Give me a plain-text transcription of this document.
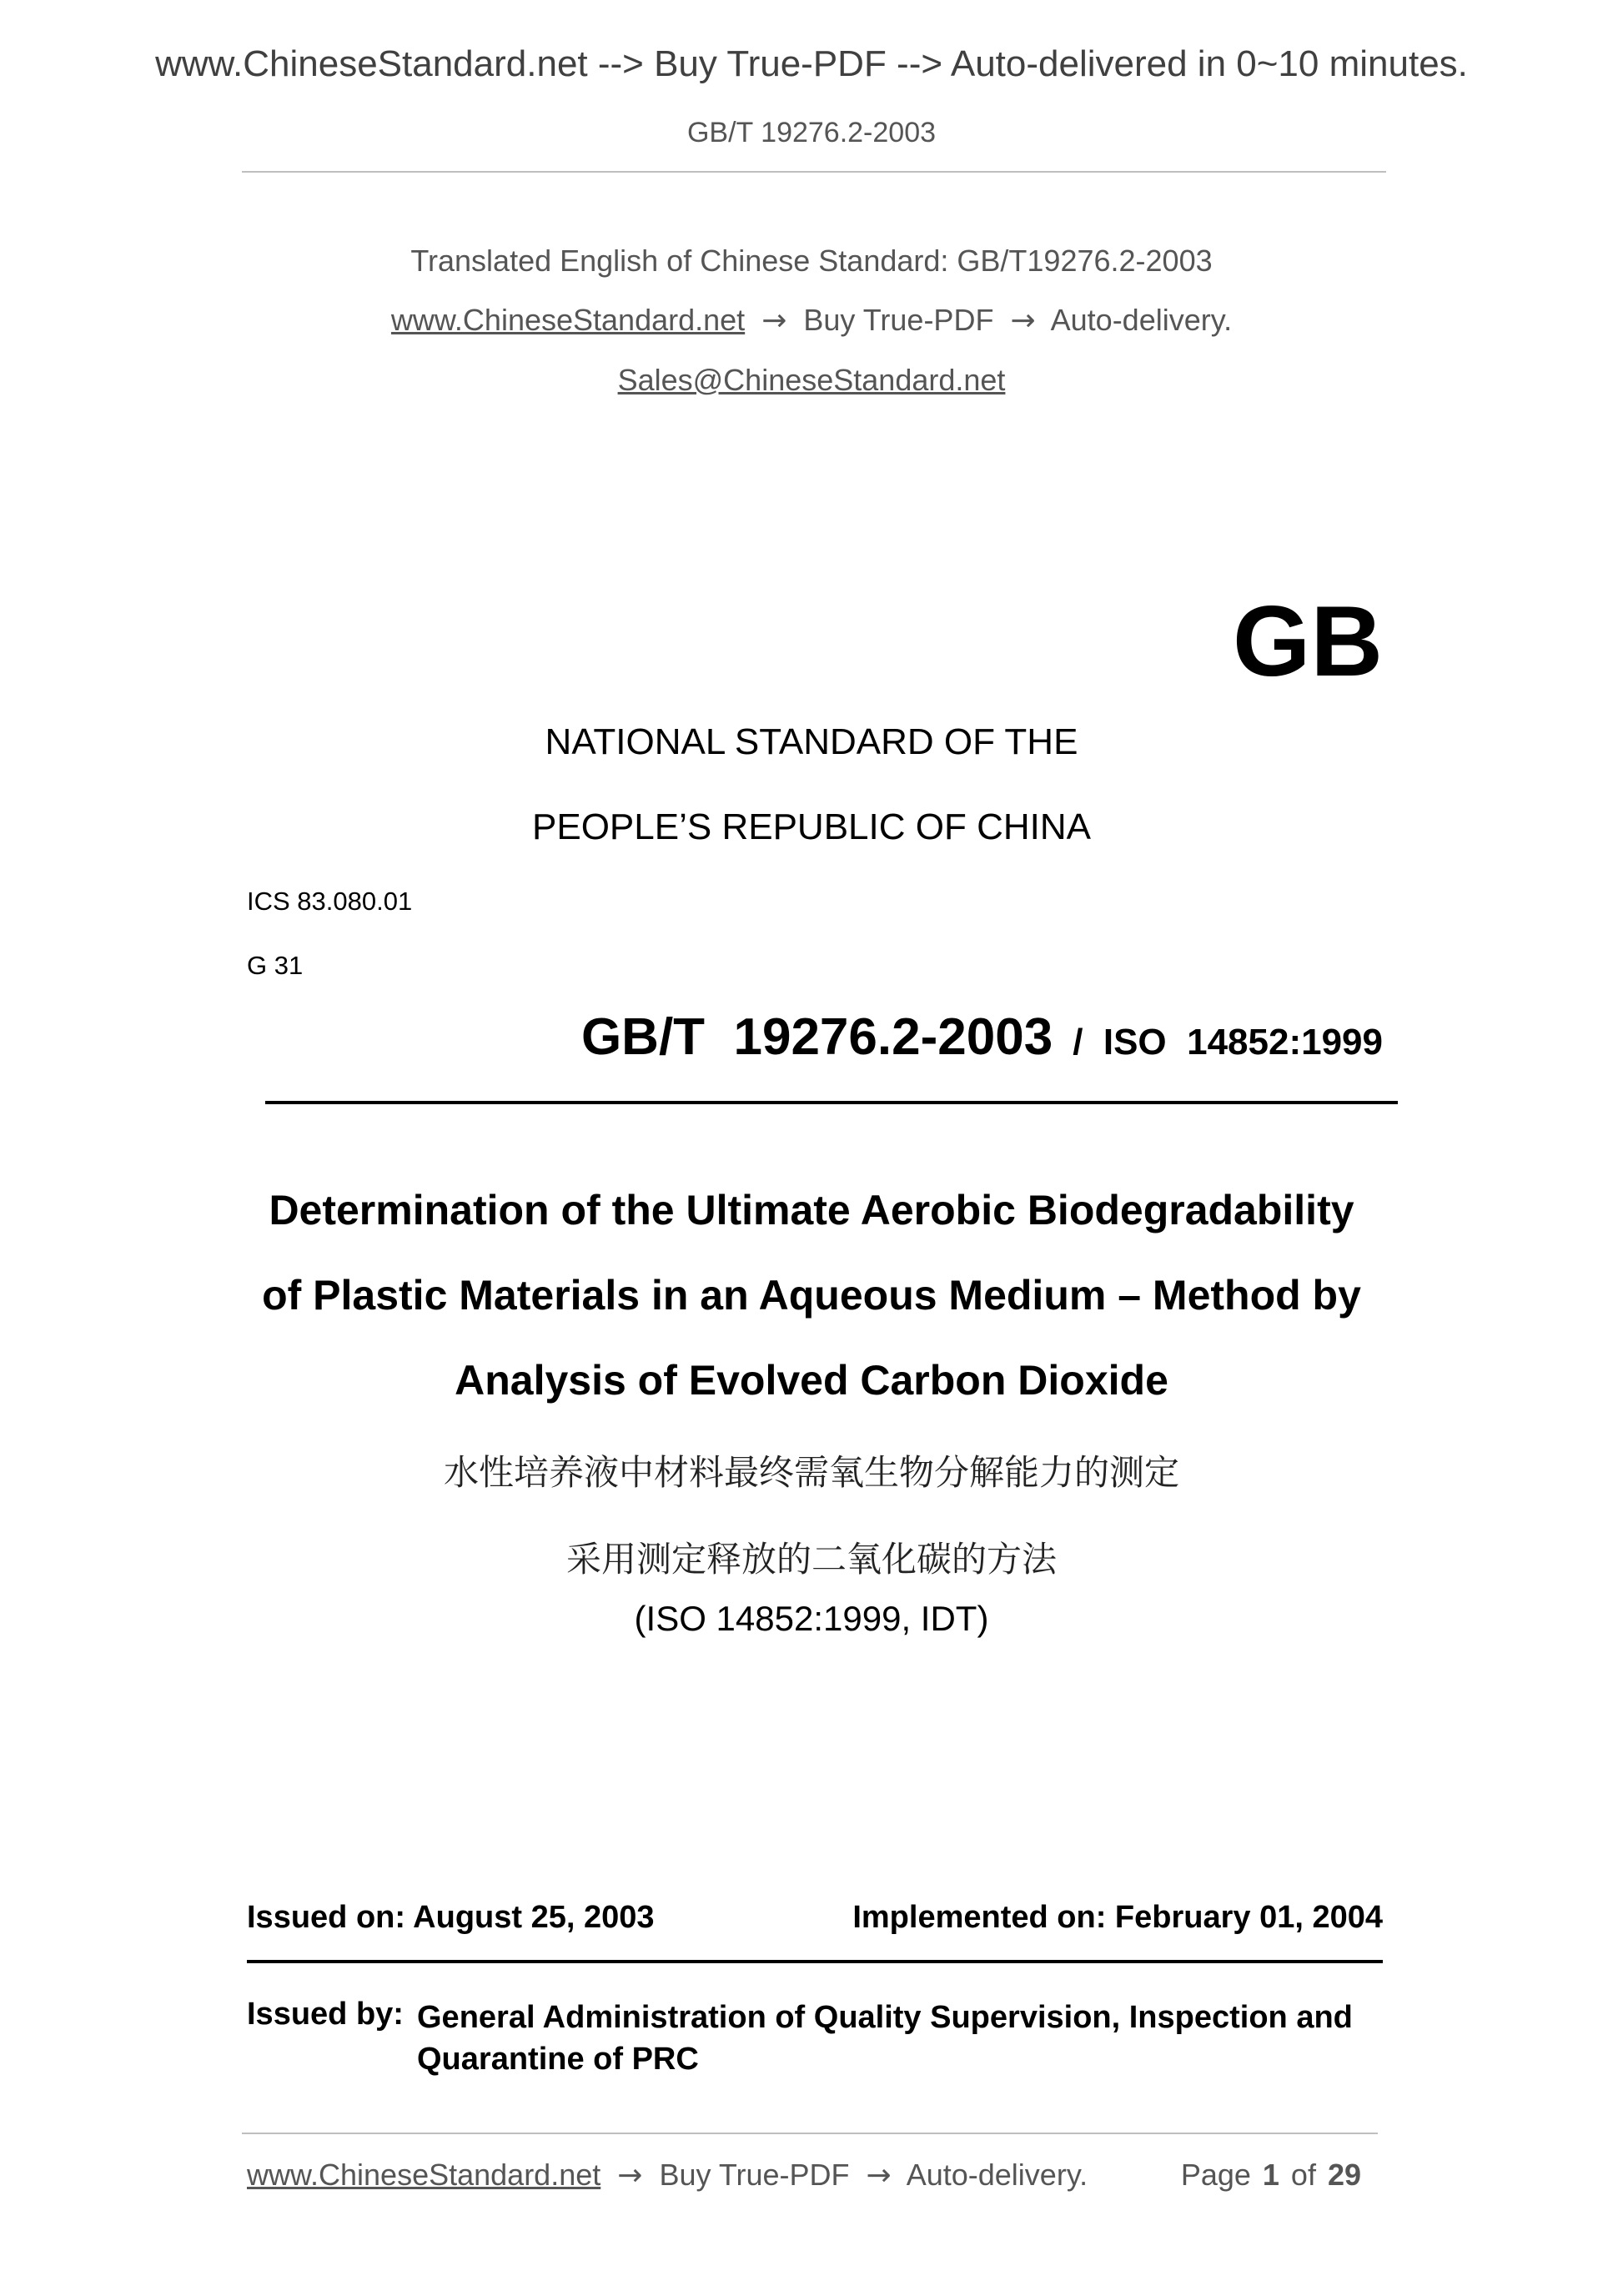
www.ChineseStandard.net --> Buy True-PDF --> Auto-delivered in 0~10 minutes.
GB/T 19276.2-2003
Translated English of Chinese Standard: GB/T19276.2-2003
www.ChineseStandard.net → Buy True-PDF → Auto-delivery.
Sales@ChineseStandard.net
GB
NATIONAL STANDARD OF THE
PEOPLE’S REPUBLIC OF CHINA
ICS 83.080.01
G 31
GB/T  19276.2-2003 /  ISO  14852:1999
Determination of the Ultimate Aerobic Biodegradability
of Plastic Materials in an Aqueous Medium – Method by
Analysis of Evolved Carbon Dioxide
水性培养液中材料最终需氧生物分解能力的测定
采用测定释放的二氧化碳的方法
(ISO 14852:1999, IDT)
Issued on: August 25, 2003	Implemented on: February 01, 2004
Issued by: General Administration of Quality Supervision, Inspection and Quarantine of PRC
www.ChineseStandard.net → Buy True-PDF → Auto-delivery.	Page 1 of 29
